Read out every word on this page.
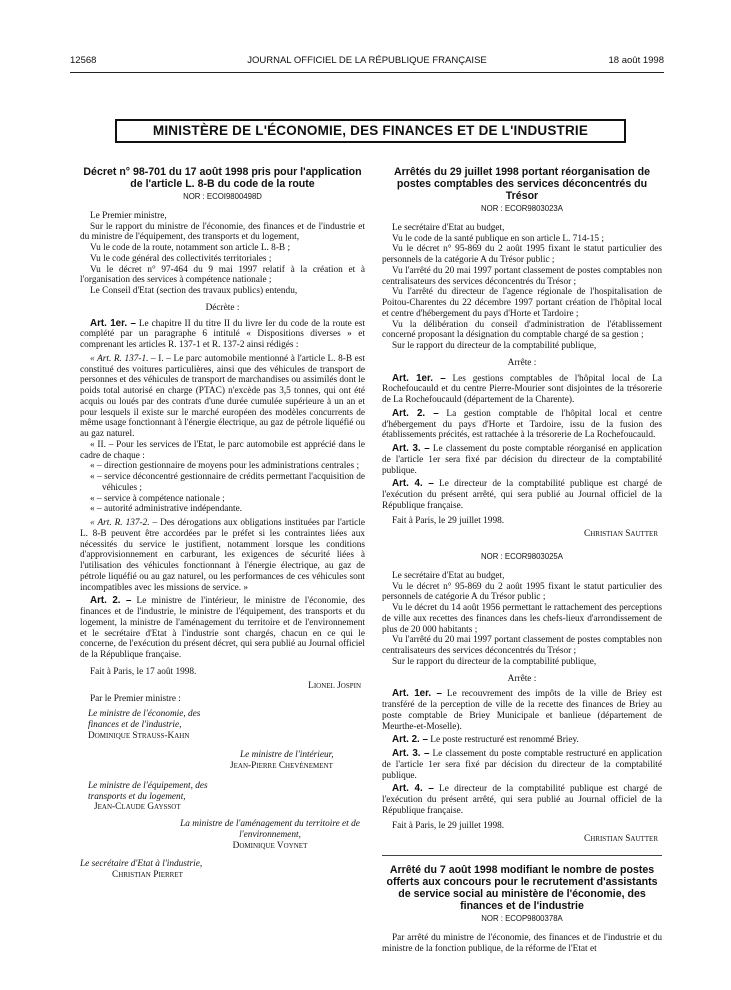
12568	JOURNAL OFFICIEL DE LA RÉPUBLIQUE FRANÇAISE	18 août 1998
MINISTÈRE DE L'ÉCONOMIE, DES FINANCES ET DE L'INDUSTRIE
Décret n° 98-701 du 17 août 1998 pris pour l'application de l'article L. 8-B du code de la route
NOR : ECOI9800498D

Le Premier ministre,

Sur le rapport du ministre de l'économie, des finances et de l'industrie et du ministre de l'équipement, des transports et du logement,

Vu le code de la route, notamment son article L. 8-B ;

Vu le code général des collectivités territoriales ;

Vu le décret n° 97-464 du 9 mai 1997 relatif à la création et à l'organisation des services à compétence nationale ;

Le Conseil d'Etat (section des travaux publics) entendu,

Décrète :

Art. 1er. – Le chapitre II du titre II du livre Ier du code de la route est complété par un paragraphe 6 intitulé « Dispositions diverses » et comprenant les articles R. 137-1 et R. 137-2 ainsi rédigés :

« Art. R. 137-1. – I. – Le parc automobile mentionné à l'article L. 8-B est constitué des voitures particulières, ainsi que des véhicules de transport de personnes et des véhicules de transport de marchandises ou assimilés dont le poids total autorisé en charge (PTAC) n'excède pas 3,5 tonnes, qui ont été acquis ou loués par des contrats d'une durée cumulée supérieure à un an et pour lesquels il existe sur le marché européen des modèles concurrents de même usage fonctionnant à l'énergie électrique, au gaz de pétrole liquéfié ou au gaz naturel.

« II. – Pour les services de l'Etat, le parc automobile est apprécié dans le cadre de chaque :

« – direction gestionnaire de moyens pour les administrations centrales ;

« – service déconcentré gestionnaire de crédits permettant l'acquisition de véhicules ;

« – service à compétence nationale ;

« – autorité administrative indépendante.

« Art. R. 137-2. – Des dérogations aux obligations instituées par l'article L. 8-B peuvent être accordées par le préfet si les contraintes liées aux nécessités du service le justifient, notamment lorsque les conditions d'approvisionnement en carburant, les exigences de sécurité liées à l'utilisation des véhicules fonctionnant à l'énergie électrique, au gaz de pétrole liquéfié ou au gaz naturel, ou les performances de ces véhicules sont incompatibles avec les missions de service. »

Art. 2. – Le ministre de l'intérieur, le ministre de l'économie, des finances et de l'industrie, le ministre de l'équipement, des transports et du logement, la ministre de l'aménagement du territoire et de l'environnement et le secrétaire d'Etat à l'industrie sont chargés, chacun en ce qui le concerne, de l'exécution du présent décret, qui sera publié au Journal officiel de la République française.

Fait à Paris, le 17 août 1998.

Lionel Jospin

Par le Premier ministre :

Le ministre de l'économie, des finances et de l'industrie,
Dominique Strauss-Kahn
Le ministre de l'intérieur,
Jean-Pierre Chevènement
Le ministre de l'équipement, des transports et du logement,
Jean-Claude Gayssot
La ministre de l'aménagement du territoire et de l'environnement,
Dominique Voynet
Le secrétaire d'Etat à l'industrie,
Christian Pierret
Arrêtés du 29 juillet 1998 portant réorganisation de postes comptables des services déconcentrés du Trésor
NOR : ECOR9803023A

Le secrétaire d'Etat au budget,

Vu le code de la santé publique en son article L. 714-15 ;

Vu le décret n° 95-869 du 2 août 1995 fixant le statut particulier des personnels de la catégorie A du Trésor public ;

Vu l'arrêté du 20 mai 1997 portant classement de postes comptables non centralisateurs des services déconcentrés du Trésor ;

Vu l'arrêté du directeur de l'agence régionale de l'hospitalisation de Poitou-Charentes du 22 décembre 1997 portant création de l'hôpital local et centre d'hébergement du pays d'Horte et Tardoire ;

Vu la délibération du conseil d'administration de l'établissement concerné proposant la désignation du comptable chargé de sa gestion ;

Sur le rapport du directeur de la comptabilité publique,

Arrête :

Art. 1er. – Les gestions comptables de l'hôpital local de La Rochefoucauld et du centre Pierre-Mourier sont disjointes de la trésorerie de La Rochefoucauld (département de la Charente).

Art. 2. – La gestion comptable de l'hôpital local et centre d'hébergement du pays d'Horte et Tardoire, issu de la fusion des établissements précités, est rattachée à la trésorerie de La Rochefoucauld.

Art. 3. – Le classement du poste comptable réorganisé en application de l'article 1er sera fixé par décision du directeur de la comptabilité publique.

Art. 4. – Le directeur de la comptabilité publique est chargé de l'exécution du présent arrêté, qui sera publié au Journal officiel de la République française.

Fait à Paris, le 29 juillet 1998.

Christian Sautter
NOR : ECOR9803025A

Le secrétaire d'Etat au budget,

Vu le décret n° 95-869 du 2 août 1995 fixant le statut particulier des personnels de catégorie A du Trésor public ;

Vu le décret du 14 août 1956 permettant le rattachement des perceptions de ville aux recettes des finances dans les chefs-lieux d'arrondissement de plus de 20 000 habitants ;

Vu l'arrêté du 20 mai 1997 portant classement de postes comptables non centralisateurs des services déconcentrés du Trésor ;

Sur le rapport du directeur de la comptabilité publique,

Arrête :

Art. 1er. – Le recouvrement des impôts de la ville de Briey est transféré de la perception de ville de la recette des finances de Briey au poste comptable de Briey Municipale et banlieue (département de Meurthe-et-Moselle).

Art. 2. – Le poste restructuré est renommé Briey.

Art. 3. – Le classement du poste comptable restructuré en application de l'article 1er sera fixé par décision du directeur de la comptabilité publique.

Art. 4. – Le directeur de la comptabilité publique est chargé de l'exécution du présent arrêté, qui sera publié au Journal officiel de la République française.

Fait à Paris, le 29 juillet 1998.

Christian Sautter
Arrêté du 7 août 1998 modifiant le nombre de postes offerts aux concours pour le recrutement d'assistants de service social au ministère de l'économie, des finances et de l'industrie
NOR : ECOP9800378A

Par arrêté du ministre de l'économie, des finances et de l'industrie et du ministre de la fonction publique, de la réforme de l'Etat et
